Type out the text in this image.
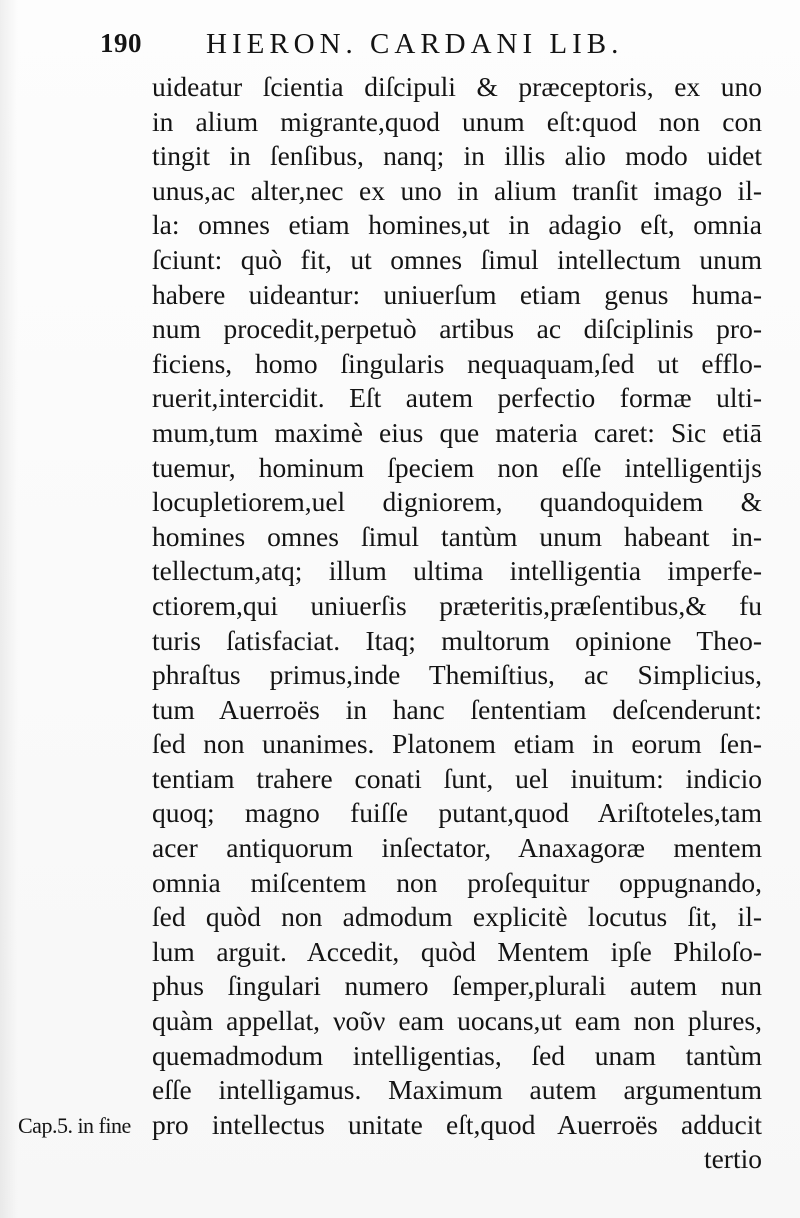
190 HIERON. CARDANI LIB.
uideatur ſcientia diſcipuli & præceptoris, ex uno
in alium migrante,quod unum eſt:quod non con
tingit in ſenſibus, nanq; in illis alio modo uidet
unus,ac alter,nec ex uno in alium tranſit imago il-
la: omnes etiam homines,ut in adagio eſt, omnia
ſciunt: quò fit, ut omnes ſimul intellectum unum
habere uideantur: uniuerſum etiam genus huma-
num procedit,perpetuò artibus ac diſciplinis pro-
ficiens, homo ſingularis nequaquam,ſed ut efflo-
ruerit,intercidit. Eſt autem perfectio formæ ulti-
mum,tum maximè eius que materia caret: Sic etiā
tuemur, hominum ſpeciem non eſſe intelligentijs
locupletiorem,uel digniorem, quandoquidem &
homines omnes ſimul tantùm unum habeant in-
tellectum,atq; illum ultima intelligentia imperfe-
ctiorem,qui uniuerſis præteritis,præſentibus,& fu
turis ſatisfaciat. Itaq; multorum opinione Theo-
phraſtus primus,inde Themiſtius, ac Simplicius,
tum Auerroës in hanc ſententiam deſcenderunt:
ſed non unanimes. Platonem etiam in eorum ſen-
tentiam trahere conati ſunt, uel inuitum: indicio
quoq; magno fuiſſe putant,quod Ariſtoteles,tam
acer antiquorum inſectator, Anaxagoræ mentem
omnia miſcentem non proſequitur oppugnando,
ſed quòd non admodum explicitè locutus ſit, il-
lum arguit. Accedit, quòd Mentem ipſe Philoſo-
phus ſingulari numero ſemper,plurali autem nun
quàm appellat, νοῦν eam uocans,ut eam non plures,
quemadmodum intelligentias, ſed unam tantùm
eſſe intelligamus. Maximum autem argumentum
pro intellectus unitate eſt,quod Auerroës adducit
tertio
Cap.5. in fine
